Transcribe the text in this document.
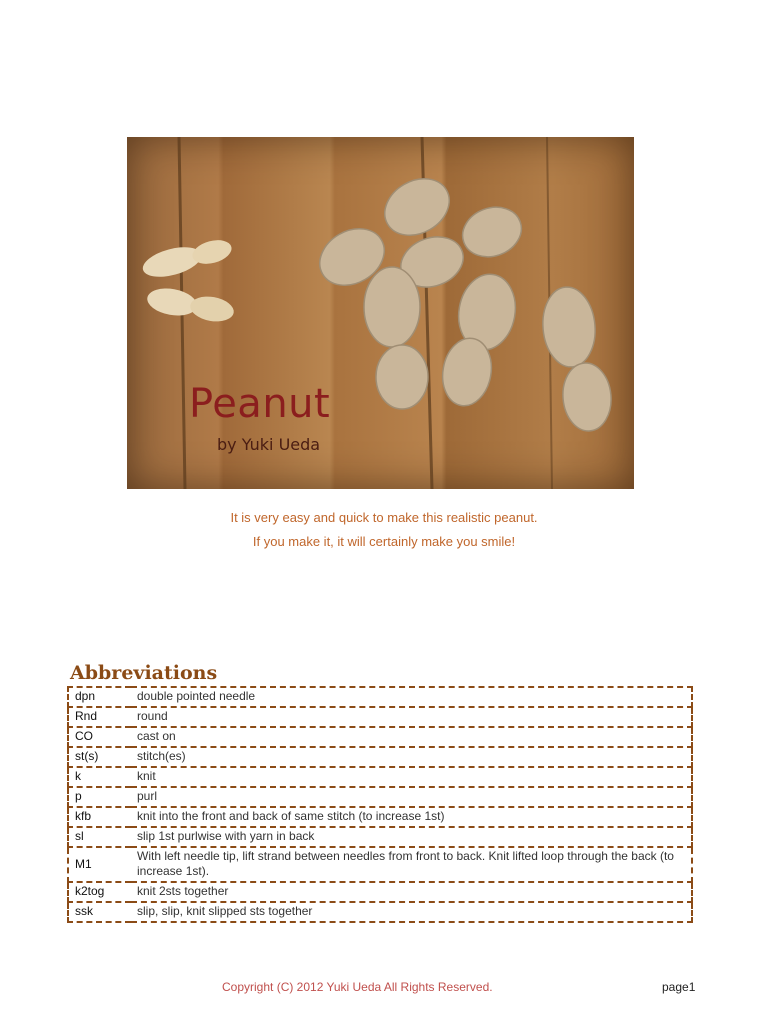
Peanut
by Yuki Ueda
It is very easy and quick to make this realistic peanut.
If you make it, it will certainly make you smile!
Abbreviations
dpn	double pointed needle
Rnd	round
CO	cast on
st(s)	stitch(es)
k	knit
p	purl
kfb	knit into the front and back of same stitch (to increase 1st)
sl	slip 1st purlwise with yarn in back
M1	With left needle tip, lift strand between needles from front to back. Knit lifted loop through the back (to increase 1st).
k2tog	knit 2sts together
ssk	slip, slip, knit slipped sts together
Copyright (C) 2012 Yuki Ueda All Rights Reserved.	page1
